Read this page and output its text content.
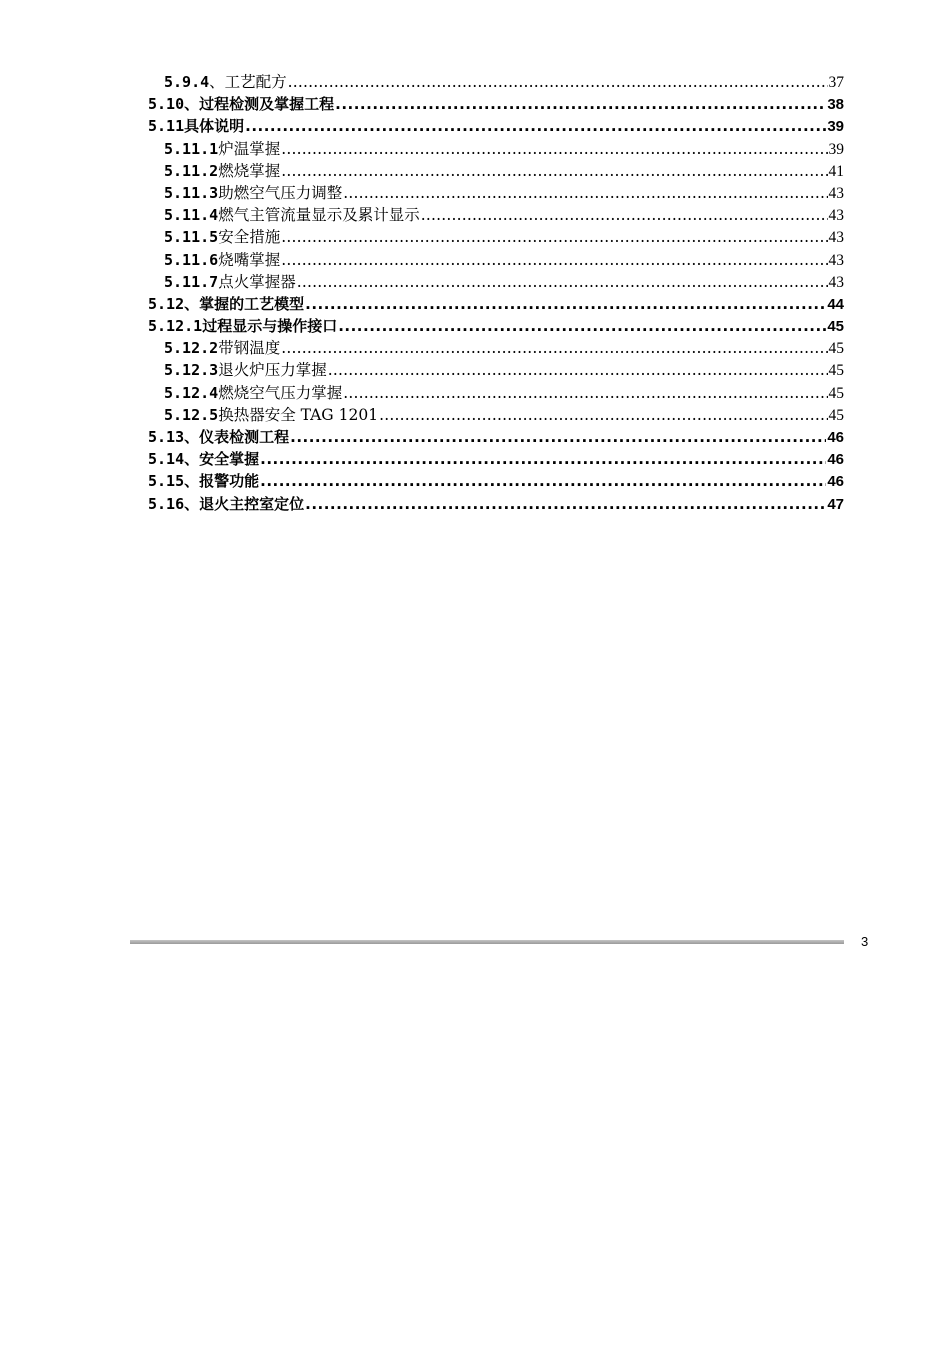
5.9.4 、工艺配方 .....	37
5.10 、过程检测及掌握工程 .....	38
5.11 具体说明 .....	39
5.11.1 炉温掌握 .....	39
5.11.2 燃烧掌握 .....	41
5.11.3 助燃空气压力调整 .....	43
5.11.4 燃气主管流量显示及累计显示 .....	43
5.11.5 安全措施 .....	43
5.11.6 烧嘴掌握 .....	43
5.11.7 点火掌握器 .....	43
5.12 、掌握的工艺模型 .....	44
5.12.1 过程显示与操作接口 .....	45
5.12.2 带钢温度 .....	45
5.12.3 退火炉压力掌握 .....	45
5.12.4 燃烧空气压力掌握 .....	45
5.12.5 换热器安全 TAG 1201 .....	45
5.13 、仪表检测工程 .....	46
5.14 、安全掌握 .....	46
5.15 、报警功能 .....	46
5.16 、退火主控室定位 .....	47
3
